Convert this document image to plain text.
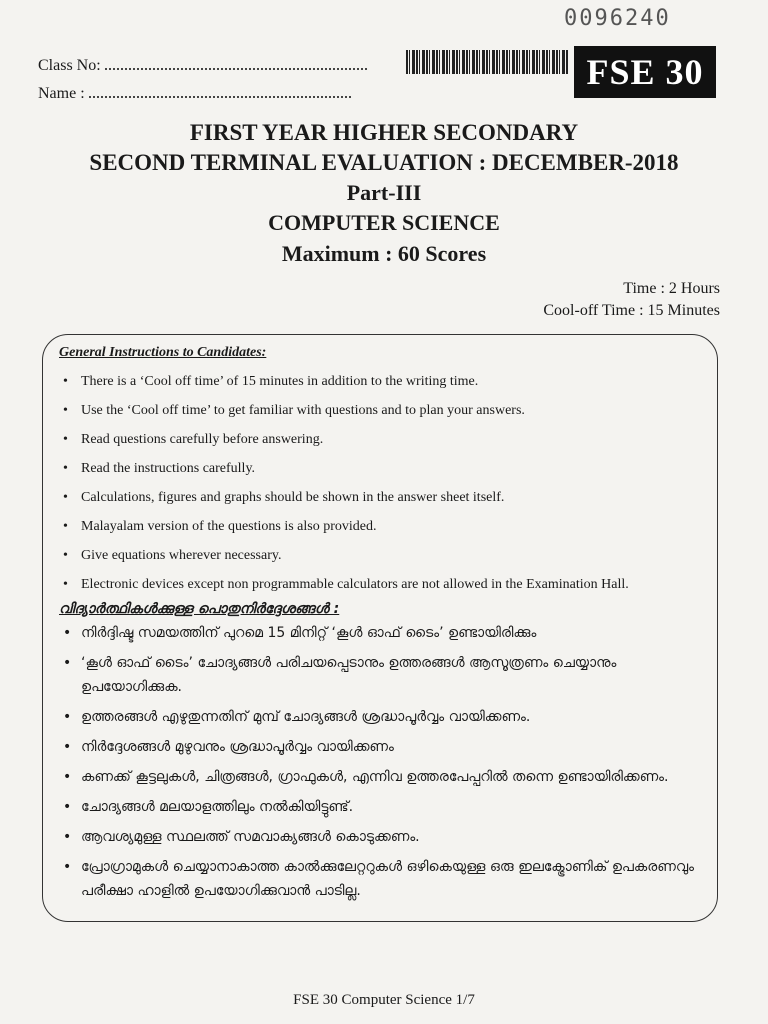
0096240
Class No:
Name :
FSE 30
FIRST YEAR HIGHER SECONDARY
SECOND TERMINAL EVALUATION : DECEMBER-2018
Part-III
COMPUTER SCIENCE
Maximum : 60 Scores
Time : 2 Hours
Cool-off Time : 15 Minutes
General Instructions to Candidates:
• There is a ‘Cool off time’ of 15 minutes in addition to the writing time.
• Use the ‘Cool off time’ to get familiar with questions and to plan your answers.
• Read questions carefully before answering.
• Read the instructions carefully.
• Calculations, figures and graphs should be shown in the answer sheet itself.
• Malayalam version of the questions is also provided.
• Give equations wherever necessary.
• Electronic devices except non programmable calculators are not allowed in the Examination Hall.
വിദ്യാർത്ഥികൾക്കുള്ള പൊതുനിർദ്ദേശങ്ങൾ :
• നിർദ്ദിഷ്ട സമയത്തിന് പുറമെ 15 മിനിറ്റ് ‘കൂൾ ഓഫ് ടൈം’ ഉണ്ടായിരിക്കും
• ‘കൂൾ ഓഫ് ടൈം’ ചോദ്യങ്ങൾ പരിചയപ്പെടാനും ഉത്തരങ്ങൾ ആസൂത്രണം ചെയ്യാനും ഉപയോഗിക്കുക.
• ഉത്തരങ്ങൾ എഴുതുന്നതിന് മുമ്പ് ചോദ്യങ്ങൾ ശ്രദ്ധാപൂർവ്വം വായിക്കണം.
• നിർദ്ദേശങ്ങൾ മുഴുവനും ശ്രദ്ധാപൂർവ്വം വായിക്കണം
• കണക്ക് കൂട്ടലുകൾ, ചിത്രങ്ങൾ, ഗ്രാഫുകൾ, എന്നിവ ഉത്തരപേപ്പറിൽ തന്നെ ഉണ്ടായിരിക്കണം.
• ചോദ്യങ്ങൾ മലയാളത്തിലും നൽകിയിട്ടുണ്ട്.
• ആവശ്യമുള്ള സ്ഥലത്ത് സമവാക്യങ്ങൾ കൊടുക്കണം.
• പ്രോഗ്രാമുകൾ ചെയ്യാനാകാത്ത കാൽക്കുലേറ്ററുകൾ ഒഴികെയുള്ള ഒരു ഇലക്ട്രോണിക് ഉപകരണവും പരീക്ഷാ ഹാളിൽ ഉപയോഗിക്കുവാൻ പാടില്ല.
FSE 30 Computer Science 1/7
